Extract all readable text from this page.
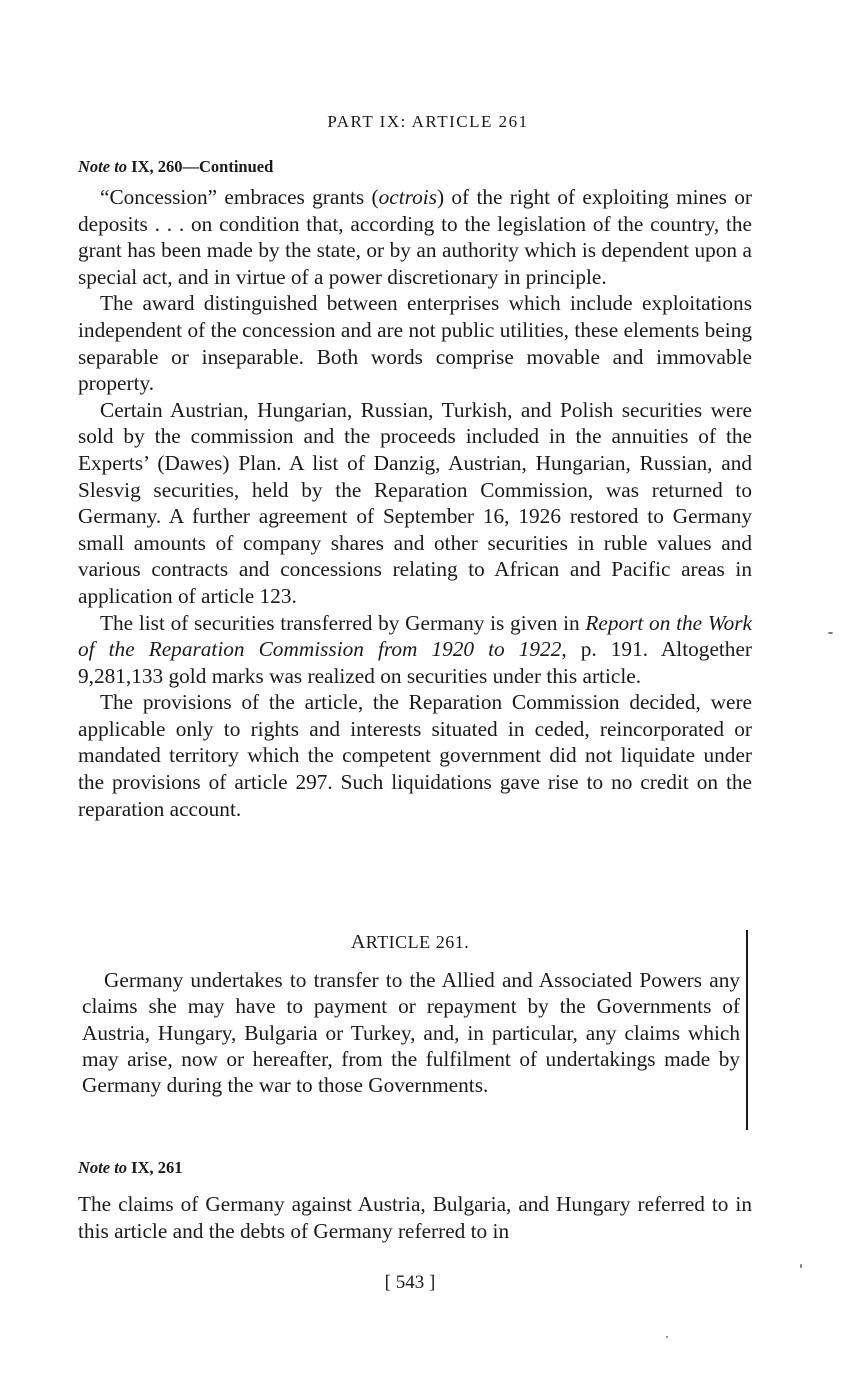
PART IX: ARTICLE 261
Note to IX, 260—Continued

“Concession” embraces grants (octrois) of the right of exploiting mines or deposits . . . on condition that, according to the legislation of the country, the grant has been made by the state, or by an authority which is dependent upon a special act, and in virtue of a power discretionary in principle.

The award distinguished between enterprises which include exploitations independent of the concession and are not public utilities, these elements being separable or inseparable. Both words comprise movable and immovable property.

Certain Austrian, Hungarian, Russian, Turkish, and Polish securities were sold by the commission and the proceeds included in the annuities of the Experts’ (Dawes) Plan. A list of Danzig, Austrian, Hungarian, Russian, and Slesvig securities, held by the Reparation Commission, was returned to Germany. A further agreement of September 16, 1926 restored to Germany small amounts of company shares and other securities in ruble values and various contracts and concessions relating to African and Pacific areas in application of article 123.

The list of securities transferred by Germany is given in Report on the Work of the Reparation Commission from 1920 to 1922, p. 191. Altogether 9,281,133 gold marks was realized on securities under this article.

The provisions of the article, the Reparation Commission decided, were applicable only to rights and interests situated in ceded, reincorporated or mandated territory which the competent government did not liquidate under the provisions of article 297. Such liquidations gave rise to no credit on the reparation account.

ARTICLE 261.

Germany undertakes to transfer to the Allied and Associated Powers any claims she may have to payment or repayment by the Governments of Austria, Hungary, Bulgaria or Turkey, and, in particular, any claims which may arise, now or hereafter, from the fulfilment of undertakings made by Germany during the war to those Governments.

Note to IX, 261

The claims of Germany against Austria, Bulgaria, and Hungary referred to in this article and the debts of Germany referred to in

[ 543 ]
